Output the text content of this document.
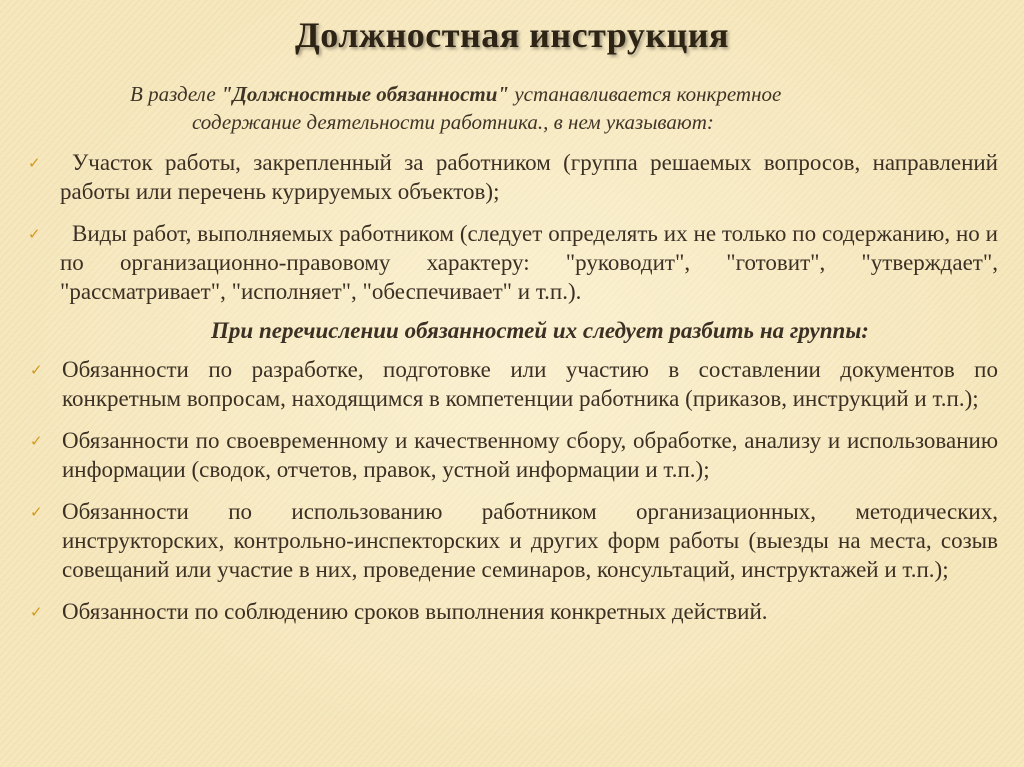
Должностная инструкция
В разделе "Должностные обязанности" устанавливается конкретное
содержание деятельности работника., в нем указывают:
✓ Участок работы, закрепленный за работником (группа решаемых вопросов, направлений работы или перечень курируемых объектов);
✓ Виды работ, выполняемых работником (следует определять их не только по содержанию, но и по организационно-правовому характеру: "руководит", "готовит", "утверждает", "рассматривает", "исполняет", "обеспечивает" и т.п.).
При перечислении обязанностей их следует разбить на группы:
✓ Обязанности по разработке, подготовке или участию в составлении документов по конкретным вопросам, находящимся в компетенции работника (приказов, инструкций и т.п.);
✓ Обязанности по своевременному и качественному сбору, обработке, анализу и использованию информации (сводок, отчетов, правок, устной информации и т.п.);
✓ Обязанности по использованию работником организационных, методических, инструкторских, контрольно-инспекторских и других форм работы (выезды на места, созыв совещаний или участие в них, проведение семинаров, консультаций, инструктажей и т.п.);
✓ Обязанности по соблюдению сроков выполнения конкретных действий.
